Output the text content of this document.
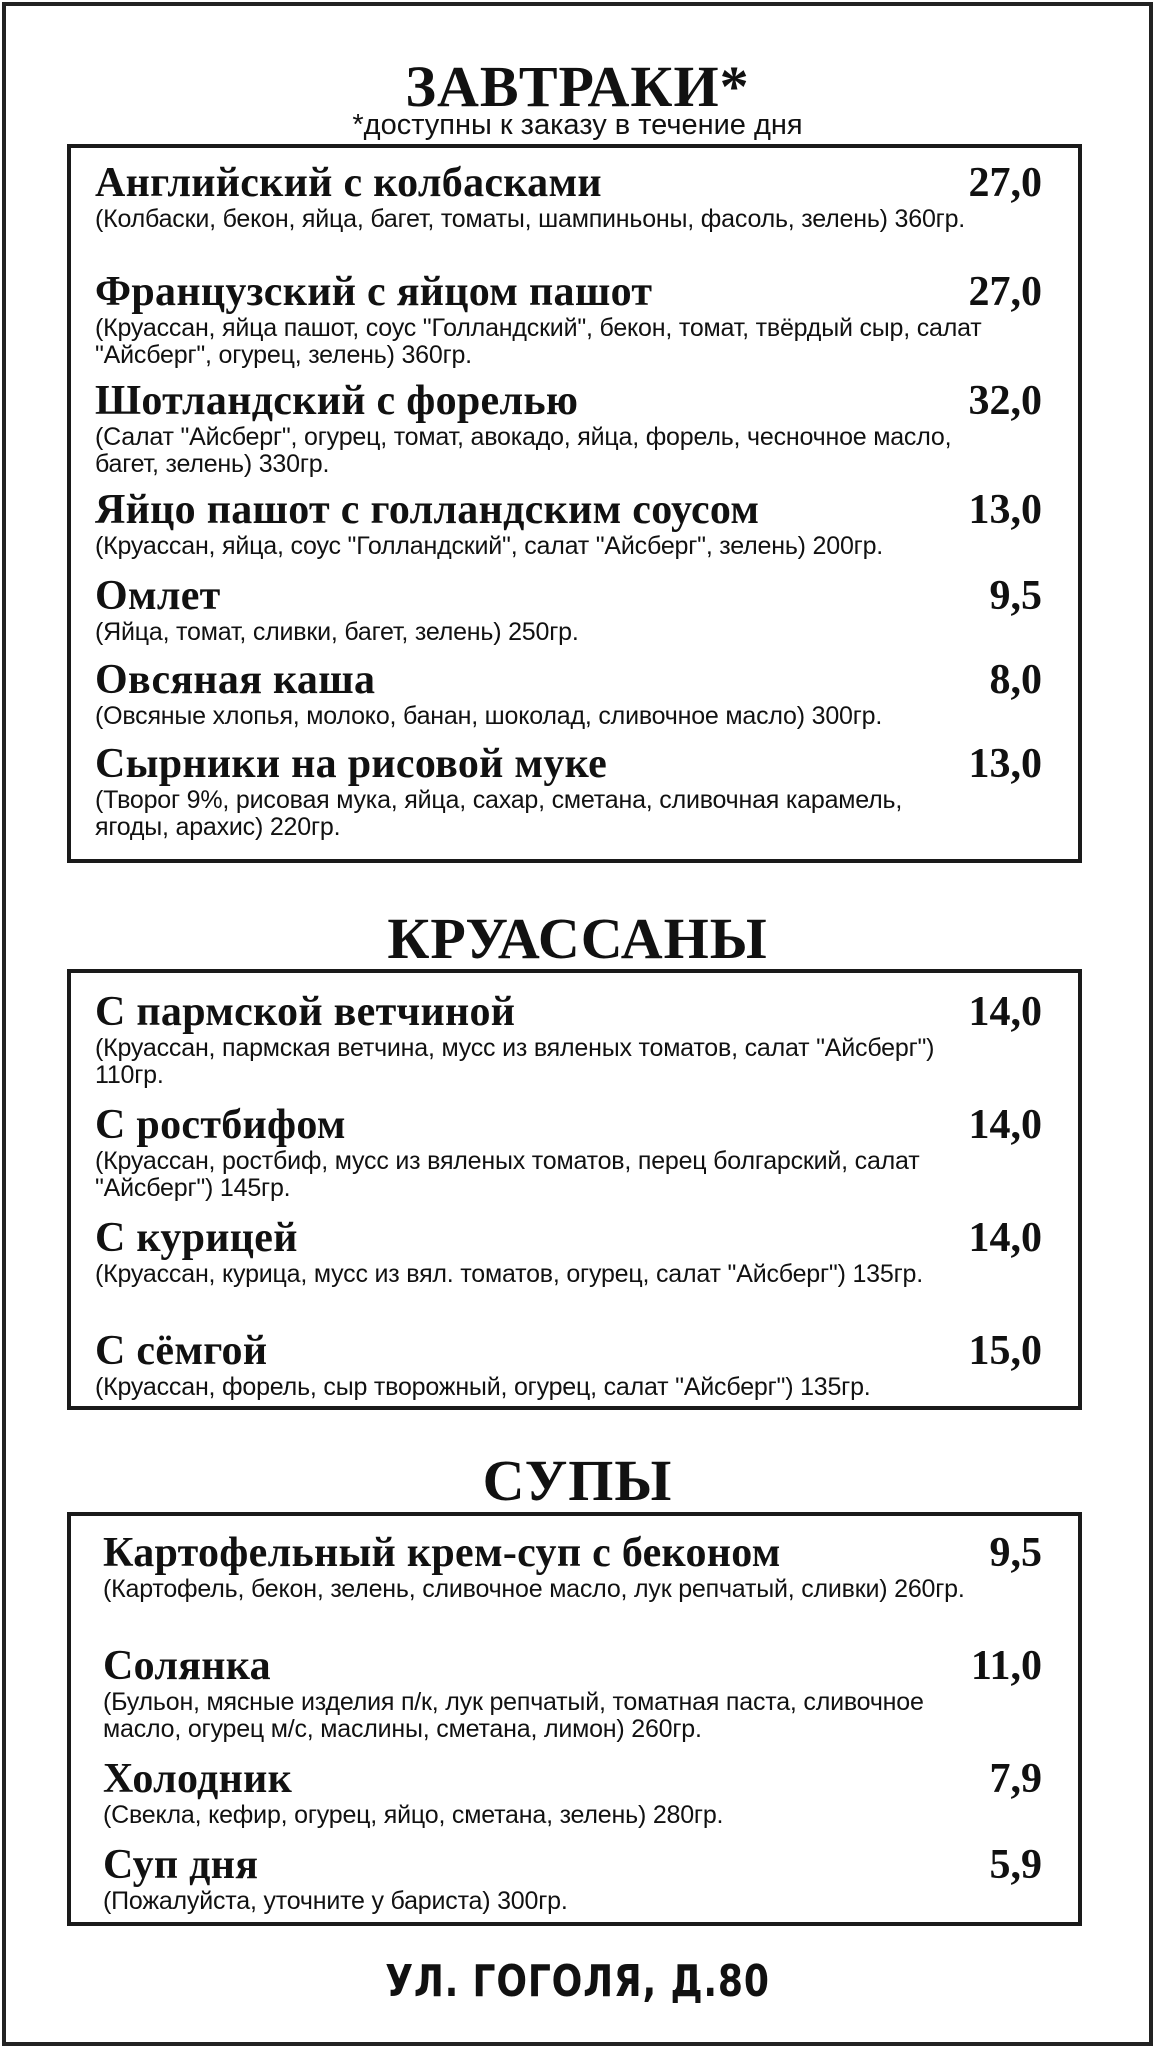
ЗАВТРАКИ*
*доступны к заказу в течение дня
Английский с колбасками	27,0
(Колбаски, бекон, яйца, багет, томаты, шампиньоны, фасоль, зелень) 360гр.
Французский с яйцом пашот	27,0
(Круассан, яйца пашот, соус "Голландский", бекон, томат, твёрдый сыр, салат "Айсберг", огурец, зелень) 360гр.
Шотландский с форелью	32,0
(Салат "Айсберг", огурец, томат, авокадо, яйца, форель, чесночное масло, багет, зелень) 330гр.
Яйцо пашот с голландским соусом	13,0
(Круассан, яйца, соус "Голландский", салат "Айсберг", зелень) 200гр.
Омлет	9,5
(Яйца, томат, сливки, багет, зелень) 250гр.
Овсяная каша	8,0
(Овсяные хлопья, молоко, банан, шоколад, сливочное масло) 300гр.
Сырники на рисовой муке	13,0
(Творог 9%, рисовая мука, яйца, сахар, сметана, сливочная карамель, ягоды, арахис) 220гр.
КРУАССАНЫ
С пармской ветчиной	14,0
(Круассан, пармская ветчина, мусс из вяленых томатов, салат "Айсберг") 110гр.
С ростбифом	14,0
(Круассан, ростбиф, мусс из вяленых томатов, перец болгарский, салат "Айсберг") 145гр.
С курицей	14,0
(Круассан, курица, мусс из вял. томатов, огурец, салат "Айсберг") 135гр.
С сёмгой	15,0
(Круассан, форель, сыр творожный, огурец, салат "Айсберг") 135гр.
СУПЫ
Картофельный крем-суп с беконом	9,5
(Картофель, бекон, зелень, сливочное масло, лук репчатый, сливки) 260гр.
Солянка	11,0
(Бульон, мясные изделия п/к, лук репчатый, томатная паста, сливочное масло, огурец м/с, маслины, сметана, лимон) 260гр.
Холодник	7,9
(Свекла, кефир, огурец, яйцо, сметана, зелень) 280гр.
Суп дня	5,9
(Пожалуйста, уточните у бариста) 300гр.
УЛ. ГОГОЛЯ, Д.80
